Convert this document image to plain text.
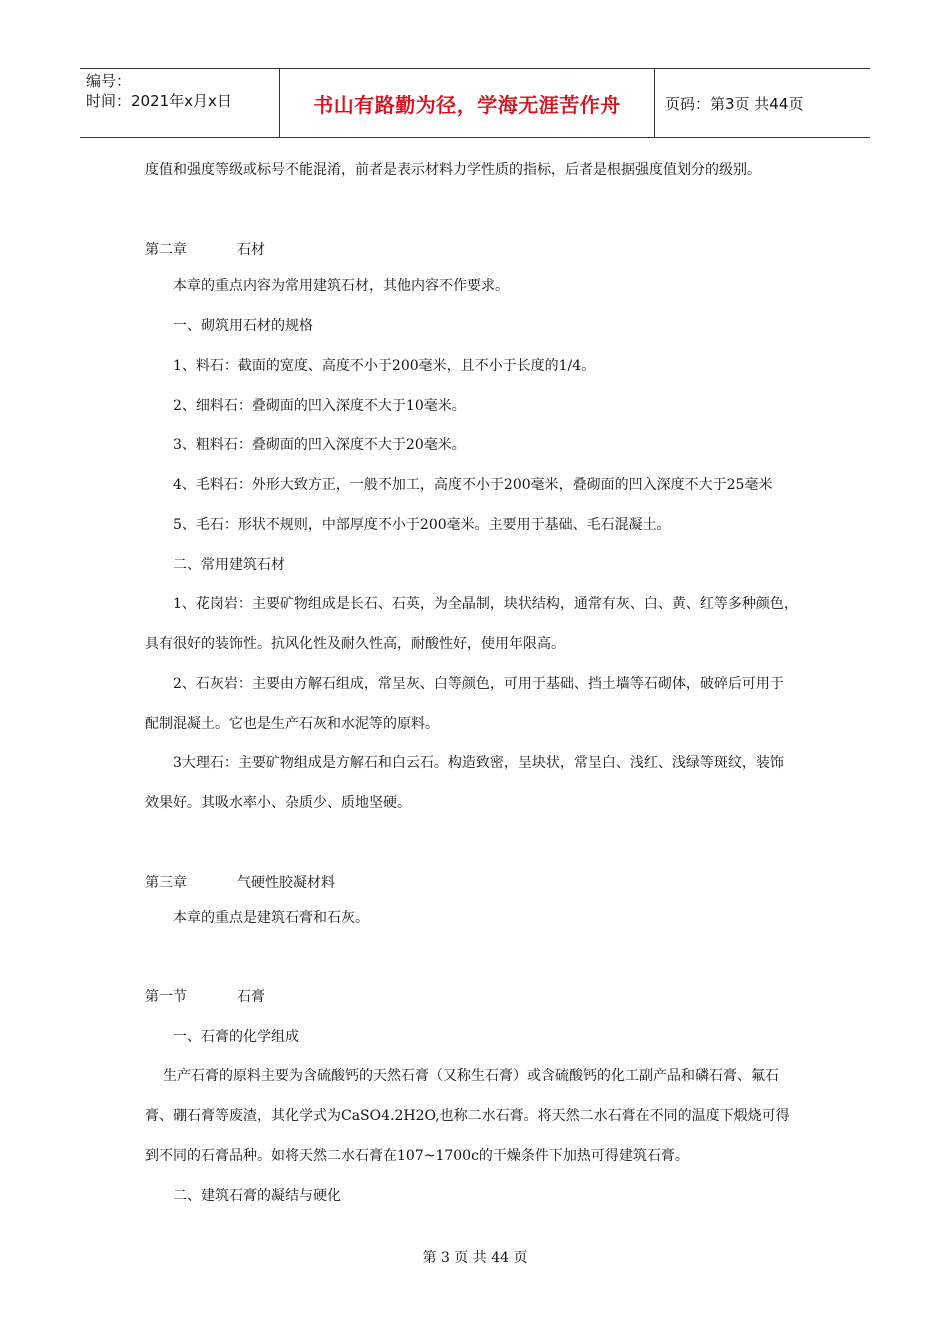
编号：
时间：2021年x月x日	书山有路勤为径，学海无涯苦作舟	页码：第3页 共44页
度值和强度等级或标号不能混淆，前者是表示材料力学性质的指标，后者是根据强度值划分的级别。
第二章	石材
本章的重点内容为常用建筑石材，其他内容不作要求。
一、砌筑用石材的规格
1、料石：截面的宽度、高度不小于200毫米，且不小于长度的1/4。
2、细料石：叠砌面的凹入深度不大于10毫米。
3、粗料石：叠砌面的凹入深度不大于20毫米。
4、毛料石：外形大致方正，一般不加工，高度不小于200毫米，叠砌面的凹入深度不大于25毫米
5、毛石：形状不规则，中部厚度不小于200毫米。主要用于基础、毛石混凝土。
二、常用建筑石材
1、花岗岩：主要矿物组成是长石、石英，为全晶制，块状结构，通常有灰、白、黄、红等多种颜色，
具有很好的装饰性。抗风化性及耐久性高，耐酸性好，使用年限高。
2、石灰岩：主要由方解石组成，常呈灰、白等颜色，可用于基础、挡土墙等石砌体，破碎后可用于
配制混凝土。它也是生产石灰和水泥等的原料。
3大理石：主要矿物组成是方解石和白云石。构造致密，呈块状，常呈白、浅红、浅绿等斑纹，装饰
效果好。其吸水率小、杂质少、质地坚硬。
第三章	气硬性胶凝材料
本章的重点是建筑石膏和石灰。
第一节	石膏
一、石膏的化学组成
生产石膏的原料主要为含硫酸钙的天然石膏（又称生石膏）或含硫酸钙的化工副产品和磷石膏、氟石
膏、硼石膏等废渣，其化学式为CaSO4.2H2O,也称二水石膏。将天然二水石膏在不同的温度下煅烧可得
到不同的石膏品种。如将天然二水石膏在107~1700c的干燥条件下加热可得建筑石膏。
二、建筑石膏的凝结与硬化
第 3 页 共 44 页
